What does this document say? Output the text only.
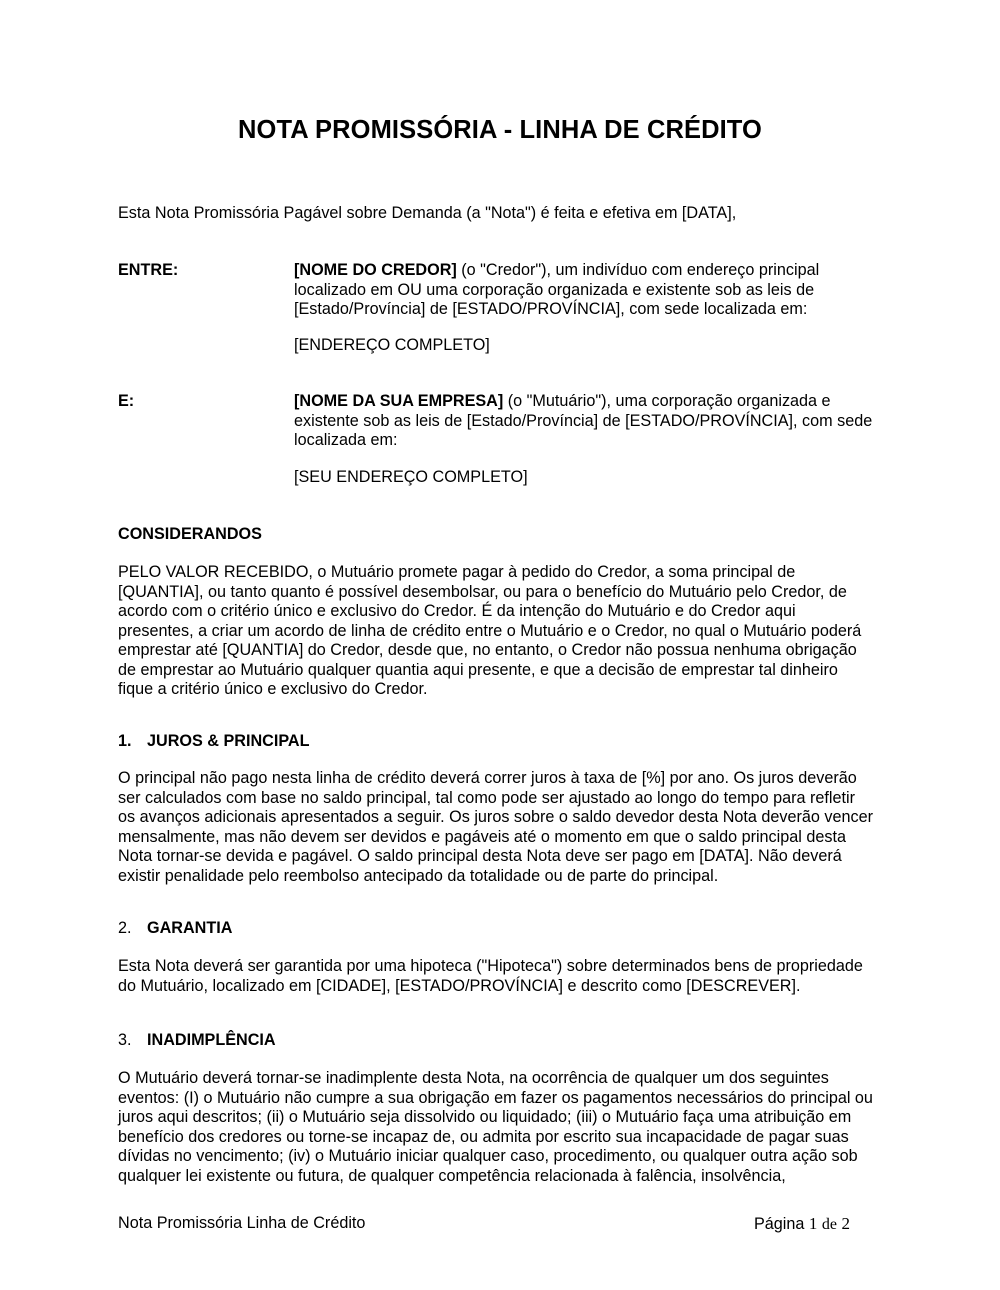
NOTA PROMISSÓRIA - LINHA DE CRÉDITO
Esta Nota Promissória Pagável sobre Demanda (a "Nota") é feita e efetiva em [DATA],
ENTRE:	[NOME DO CREDOR] (o "Credor"), um indivíduo com endereço principal
localizado em OU uma corporação organizada e existente sob as leis de
[Estado/Província] de [ESTADO/PROVÍNCIA], com sede localizada em:
[ENDEREÇO COMPLETO]
E:	[NOME DA SUA EMPRESA] (o "Mutuário"), uma corporação organizada e
existente sob as leis de [Estado/Província] de [ESTADO/PROVÍNCIA], com sede
localizada em:
[SEU ENDEREÇO COMPLETO]
CONSIDERANDOS
PELO VALOR RECEBIDO, o Mutuário promete pagar à pedido do Credor, a soma principal de
[QUANTIA], ou tanto quanto é possível desembolsar, ou para o benefício do Mutuário pelo Credor, de
acordo com o critério único e exclusivo do Credor. É da intenção do Mutuário e do Credor aqui
presentes, a criar um acordo de linha de crédito entre o Mutuário e o Credor, no qual o Mutuário poderá
emprestar até [QUANTIA] do Credor, desde que, no entanto, o Credor não possua nenhuma obrigação
de emprestar ao Mutuário qualquer quantia aqui presente, e que a decisão de emprestar tal dinheiro
fique a critério único e exclusivo do Credor.
1. JUROS & PRINCIPAL
O principal não pago nesta linha de crédito deverá correr juros à taxa de [%] por ano. Os juros deverão
ser calculados com base no saldo principal, tal como pode ser ajustado ao longo do tempo para refletir
os avanços adicionais apresentados a seguir. Os juros sobre o saldo devedor desta Nota deverão vencer
mensalmente, mas não devem ser devidos e pagáveis até o momento em que o saldo principal desta
Nota tornar-se devida e pagável. O saldo principal desta Nota deve ser pago em [DATA]. Não deverá
existir penalidade pelo reembolso antecipado da totalidade ou de parte do principal.
2. GARANTIA
Esta Nota deverá ser garantida por uma hipoteca ("Hipoteca") sobre determinados bens de propriedade
do Mutuário, localizado em [CIDADE], [ESTADO/PROVÍNCIA] e descrito como [DESCREVER].
3. INADIMPLÊNCIA
O Mutuário deverá tornar-se inadimplente desta Nota, na ocorrência de qualquer um dos seguintes
eventos: (I) o Mutuário não cumpre a sua obrigação em fazer os pagamentos necessários do principal ou
juros aqui descritos; (ii) o Mutuário seja dissolvido ou liquidado; (iii) o Mutuário faça uma atribuição em
benefício dos credores ou torne-se incapaz de, ou admita por escrito sua incapacidade de pagar suas
dívidas no vencimento; (iv) o Mutuário iniciar qualquer caso, procedimento, ou qualquer outra ação sob
qualquer lei existente ou futura, de qualquer competência relacionada à falência, insolvência,
Nota Promissória Linha de Crédito	Página 1 de 2
